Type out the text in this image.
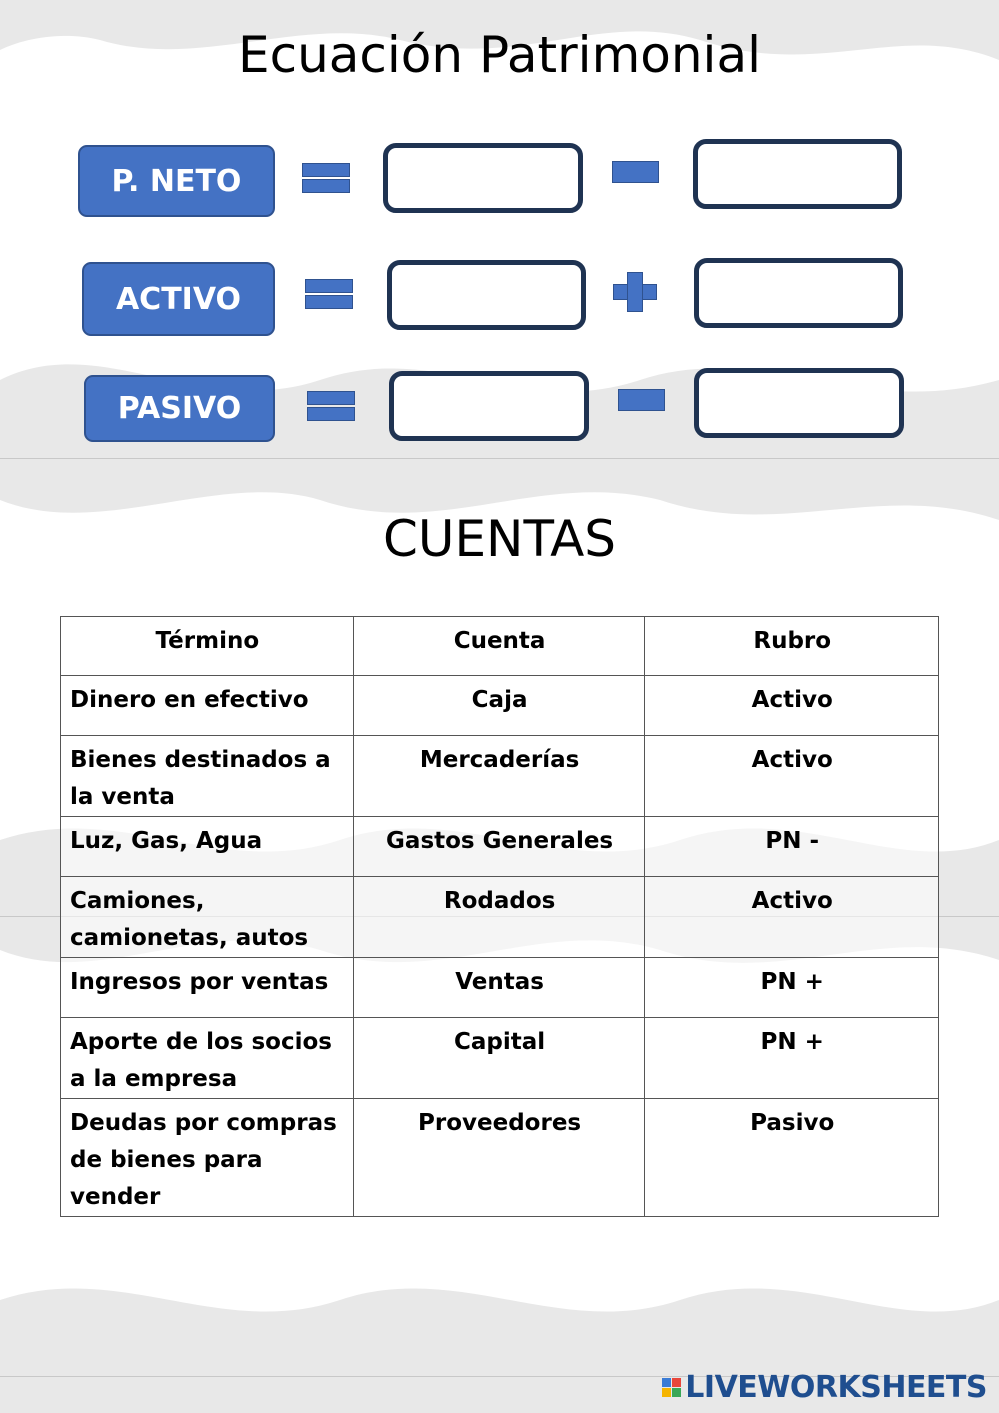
Ecuación Patrimonial
P. NETO
ACTIVO
PASIVO
CUENTAS
Término	Cuenta	Rubro
Dinero en efectivo	Caja	Activo
Bienes destinados a la venta	Mercaderías	Activo
Luz, Gas, Agua	Gastos Generales	PN -
Camiones, camionetas, autos	Rodados	Activo
Ingresos por ventas	Ventas	PN +
Aporte de los socios a la empresa	Capital	PN +
Deudas por compras de bienes para vender	Proveedores	Pasivo
LIVEWORKSHEETS
